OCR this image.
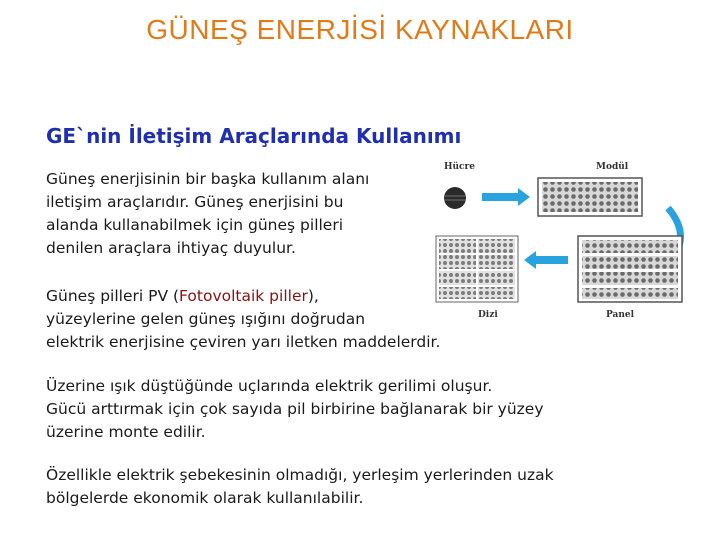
GÜNEŞ ENERJİSİ KAYNAKLARI
GE`nin İletişim Araçlarında Kullanımı
Güneş enerjisinin bir başka kullanım alanı
iletişim araçlarıdır. Güneş enerjisini bu
alanda kullanabilmek için güneş pilleri
denilen araçlara ihtiyaç duyulur.
Güneş pilleri PV (Fotovoltaik piller),
yüzeylerine gelen güneş ışığını doğrudan
elektrik enerjisine çeviren yarı iletken maddelerdir.
Üzerine ışık düştüğünde uçlarında elektrik gerilimi oluşur.
Gücü arttırmak için çok sayıda pil birbirine bağlanarak bir yüzey
üzerine monte edilir.
Özellikle elektrik şebekesinin olmadığı, yerleşim yerlerinden uzak
bölgelerde ekonomik olarak kullanılabilir.
Hücre	Modül
Dizi	Panel
